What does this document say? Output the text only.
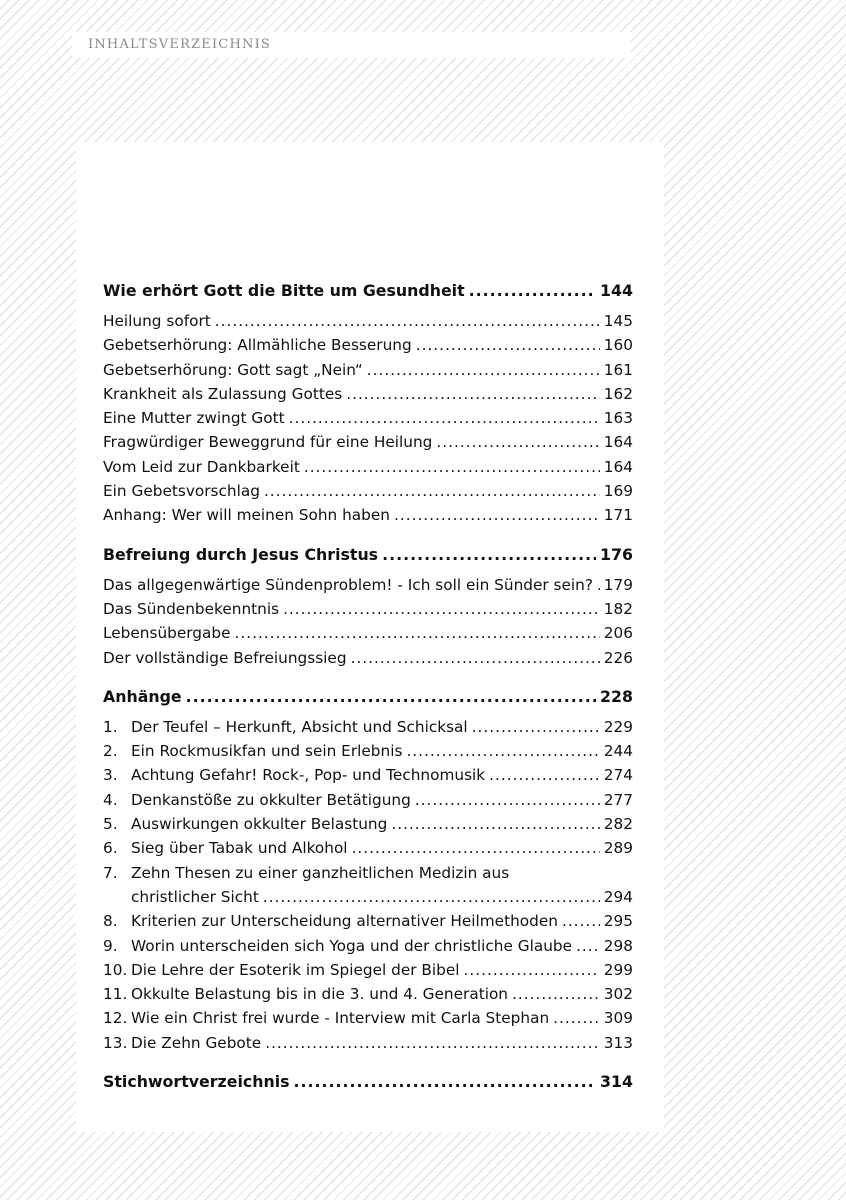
INHALTSVERZEICHNIS
Wie erhört Gott die Bitte um Gesundheit .....	144
Heilung sofort .....	145
Gebetserhörung: Allmähliche Besserung .....	160
Gebetserhörung: Gott sagt „Nein“ .....	161
Krankheit als Zulassung Gottes .....	162
Eine Mutter zwingt Gott .....	163
Fragwürdiger Beweggrund für eine Heilung .....	164
Vom Leid zur Dankbarkeit .....	164
Ein Gebetsvorschlag .....	169
Anhang: Wer will meinen Sohn haben .....	171
Befreiung durch Jesus Christus .....	176
Das allgegenwärtige Sündenproblem! - Ich soll ein Sünder sein? ..... 179
Das Sündenbekenntnis .....	182
Lebensübergabe .....	206
Der vollständige Befreiungssieg .....	226
Anhänge .....	228
1. Der Teufel – Herkunft, Absicht und Schicksal .....	229
2. Ein Rockmusikfan und sein Erlebnis .....	244
3. Achtung Gefahr! Rock-, Pop- und Technomusik .....	274
4. Denkanstöße zu okkulter Betätigung .....	277
5. Auswirkungen okkulter Belastung .....	282
6. Sieg über Tabak und Alkohol .....	289
7. Zehn Thesen zu einer ganzheitlichen Medizin aus
christlicher Sicht .....	294
8. Kriterien zur Unterscheidung alternativer Heilmethoden .....	295
9. Worin unterscheiden sich Yoga und der christliche Glaube ..... 298
10. Die Lehre der Esoterik im Spiegel der Bibel .....	299
11. Okkulte Belastung bis in die 3. und 4. Generation .....	302
12. Wie ein Christ frei wurde - Interview mit Carla Stephan .....	309
13. Die Zehn Gebote .....	313
Stichwortverzeichnis .....	314
